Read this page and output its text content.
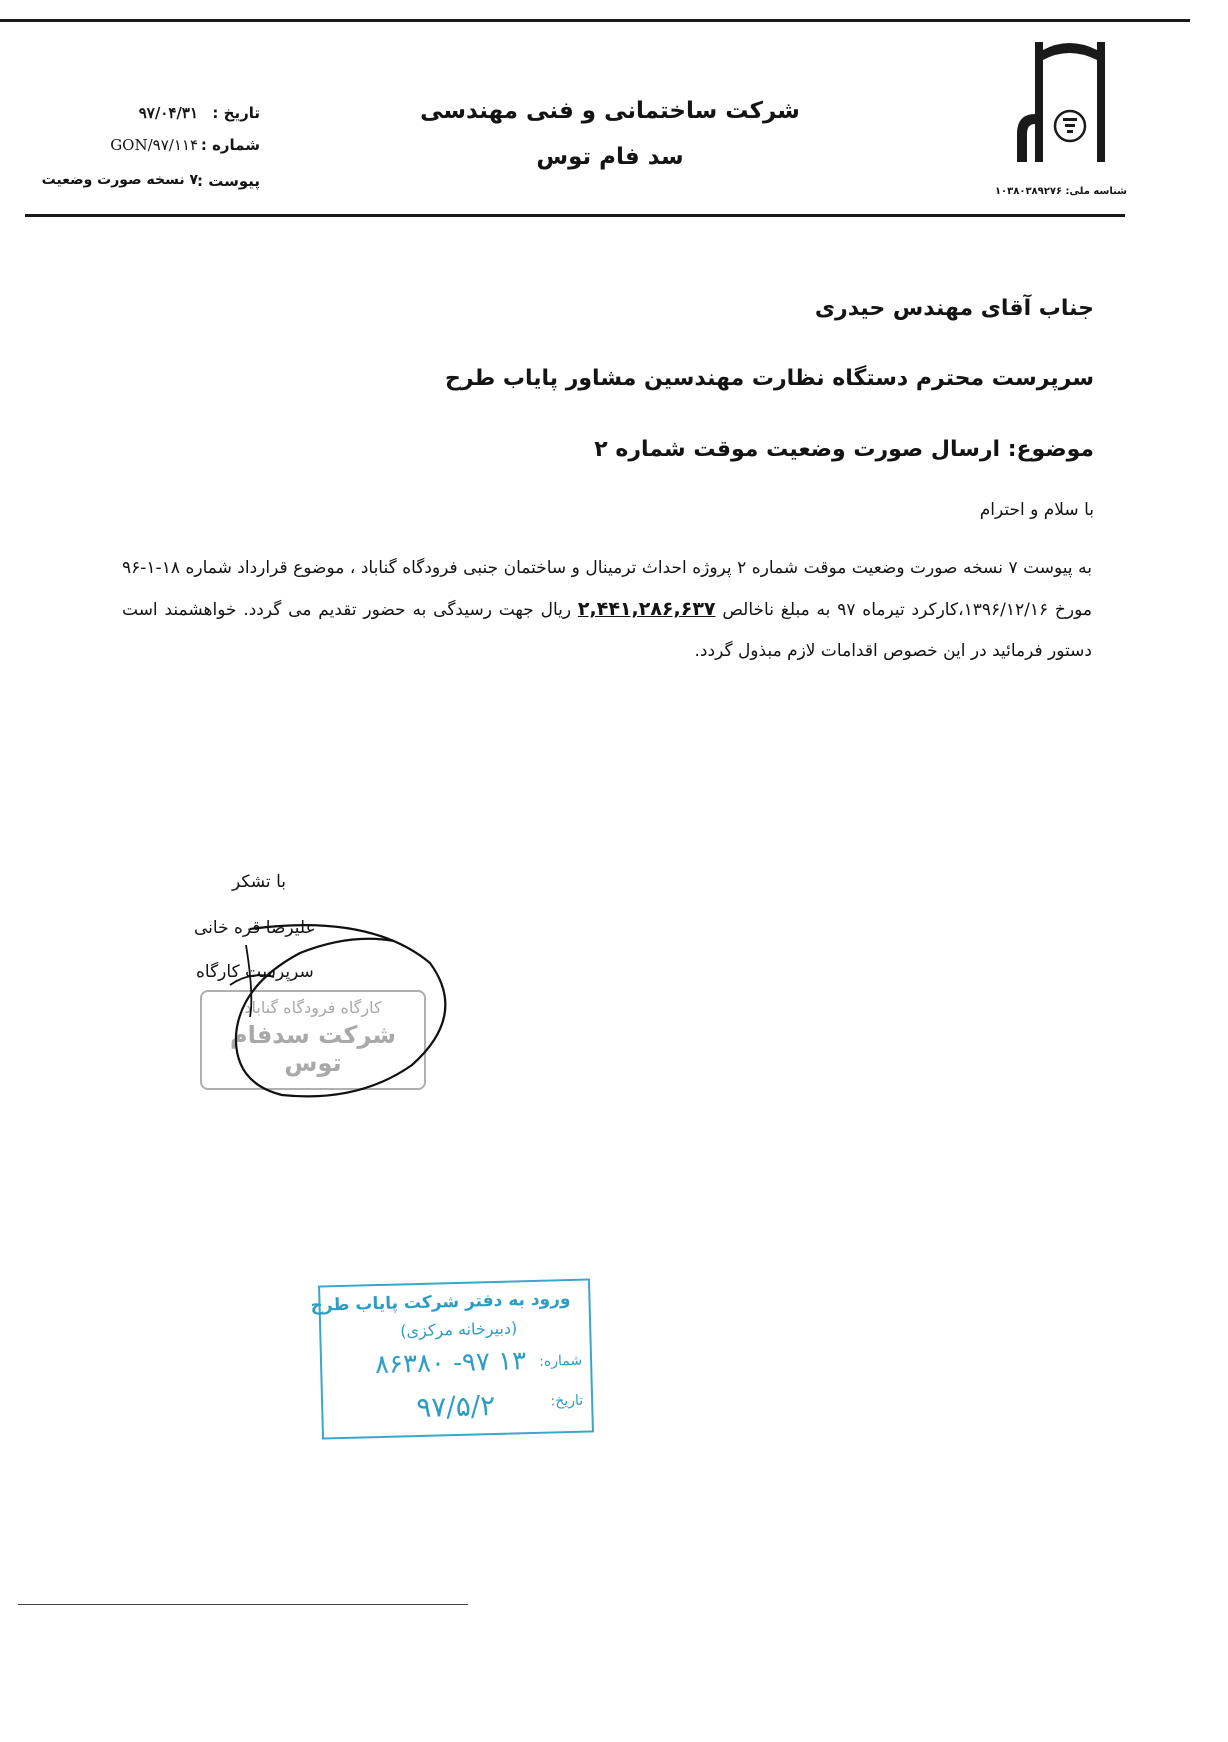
شناسه ملی: ۱۰۳۸۰۳۸۹۲۷۶
شرکت ساختمانی و فنی مهندسی
سد فام توس
تاریخ :
۹۷/۰۴/۳۱
شماره :
GON/۹۷/۱۱۴
پیوست :
۷ نسخه صورت وضعیت
جناب آقای مهندس حیدری
سرپرست محترم دستگاه نظارت مهندسین مشاور پایاب طرح
موضوع: ارسال صورت وضعیت موقت شماره ۲
با سلام و احترام
به پیوست ۷ نسخه صورت وضعیت موقت شماره ۲ پروژه احداث ترمینال و ساختمان جنبی فرودگاه گناباد ، موضوع قرارداد شماره ۱۸-۱-۹۶ مورخ ۱۳۹۶/۱۲/۱۶،کارکرد تیرماه ۹۷ به مبلغ ناخالص ۲,۴۴۱,۲۸۶,۶۳۷ ریال جهت رسیدگی به حضور تقدیم می گردد. خواهشمند است دستور فرمائید در این خصوص اقدامات لازم مبذول گردد.
با تشکر
علیرضا قره خانی
سرپرست کارگاه
کارگاه فرودگاه گناباد
شرکت سدفام توس
ورود به دفتر شرکت پایاب طرح
(دبیرخانه مرکزی)
شماره:
۱۳ ۹۷- ۸۶۳۸۰
تاریخ:
۹۷/۵/۲
